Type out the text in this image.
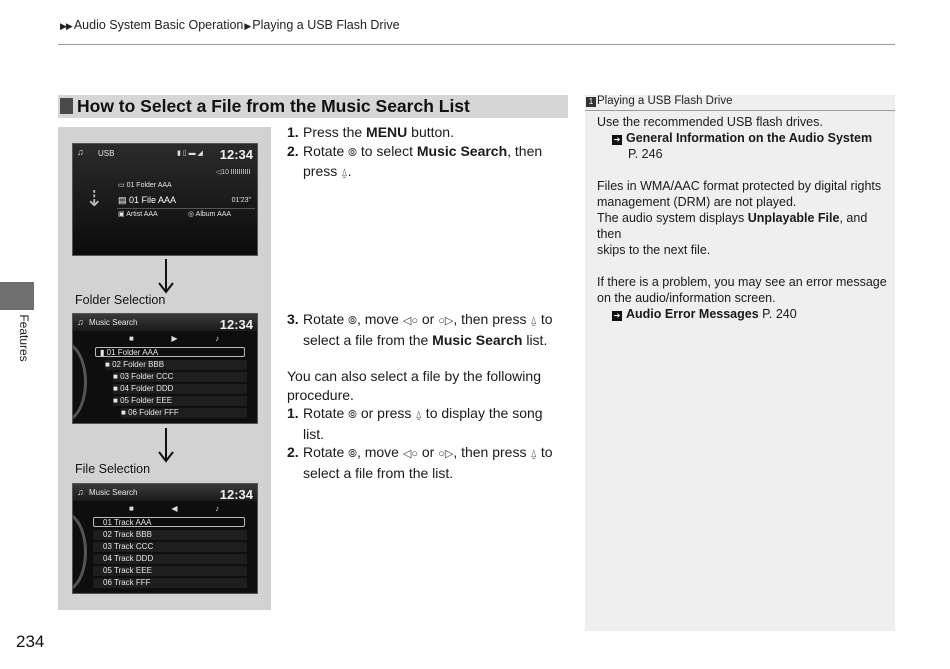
▶▶ Audio System Basic Operation▶ Playing a USB Flash Drive
Features
234
How to Select a File from the Music Search List
♫ USB	▮ ▯ ▬ ◢ 12:34
◁10
⇣
▭ 01 Folder AAA
▤ 01 File AAA	01'23"
▣ Artist AAA	◎ Album AAA
Folder Selection
♫ Music Search	12:34
■	▶	♪
▮ 01 Folder AAA
■ 02 Folder BBB
■ 03 Folder CCC
■ 04 Folder DDD
■ 05 Folder EEE
■ 06 Folder FFF
File Selection
♫ Music Search	12:34
■	◀	♪
01 Track AAA
02 Track BBB
03 Track CCC
04 Track DDD
05 Track EEE
06 Track FFF
1. Press the MENU button.
2. Rotate ⦾ to select Music Search, then
press ⍙.
3. Rotate ⦾, move ◁○ or ○▷, then press ⍙ to
select a file from the Music Search list.
You can also select a file by the following procedure.
1. Rotate ⦾ or press ⍙ to display the song
list.
2. Rotate ⦾, move ◁○ or ○▷, then press ⍙ to
select a file from the list.
1 Playing a USB Flash Drive
Use the recommended USB flash drives.
➔ General Information on the Audio System
P. 246
Files in WMA/AAC format protected by digital rights
management (DRM) are not played.
The audio system displays Unplayable File, and then
skips to the next file.
If there is a problem, you may see an error message
on the audio/information screen.
➔ Audio Error Messages P. 240
